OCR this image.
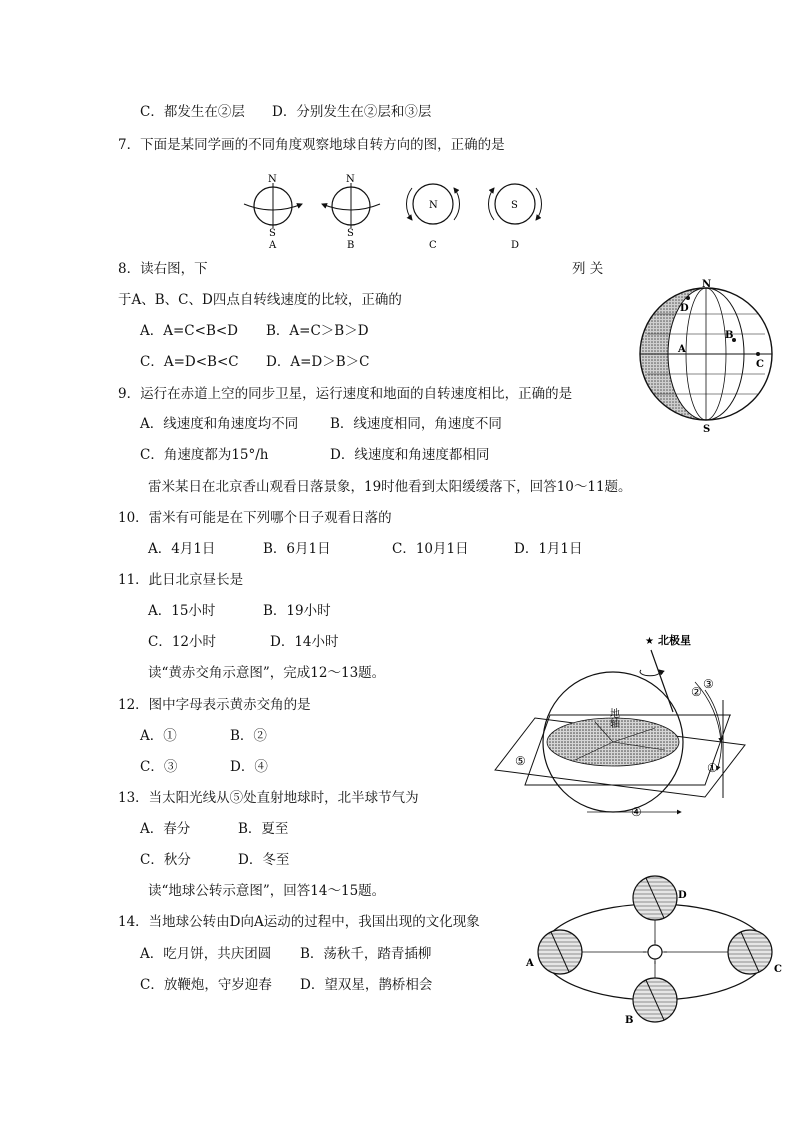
C．都发生在②层 D．分别发生在②层和③层
7．下面是某同学画的不同角度观察地球自转方向的图，正确的是
N
S
A
N
S
B
N
C
S
D
8．读右图，下	列 关
于A、B、C、D四点自转线速度的比较，正确的
A．A=C<B<D B．A=C＞B＞D
C．A=D<B<C D．A=D＞B＞C
N
S
D
B
A
C
9．运行在赤道上空的同步卫星，运行速度和地面的自转速度相比，正确的是
A．线速度和角速度均不同 B．线速度相同，角速度不同
C．角速度都为15°/h	D．线速度和角速度都相同
雷米某日在北京香山观看日落景象，19时他看到太阳缓缓落下，回答10～11题。
10．雷米有可能是在下列哪个日子观看日落的
A．4月1日	B．6月1日	C．10月1日	D．1月1日
11．此日北京昼长是
A．15小时	B．19小时
C．12小时	D．14小时
读“黄赤交角示意图”，完成12～13题。
12．图中字母表示黄赤交角的是
A．①	B．②
C．③	D．④
★ 北极星
地轴
①
②
③
④
⑤
13．当太阳光线从⑤处直射地球时，北半球节气为
A．春分	B．夏至
C．秋分	D．冬至
读“地球公转示意图”，回答14～15题。
14．当地球公转由D向A运动的过程中，我国出现的文化现象
A．吃月饼，共庆团圆 B．荡秋千，踏青插柳
C．放鞭炮，守岁迎春 D．望双星，鹊桥相会
D
A
C
B
